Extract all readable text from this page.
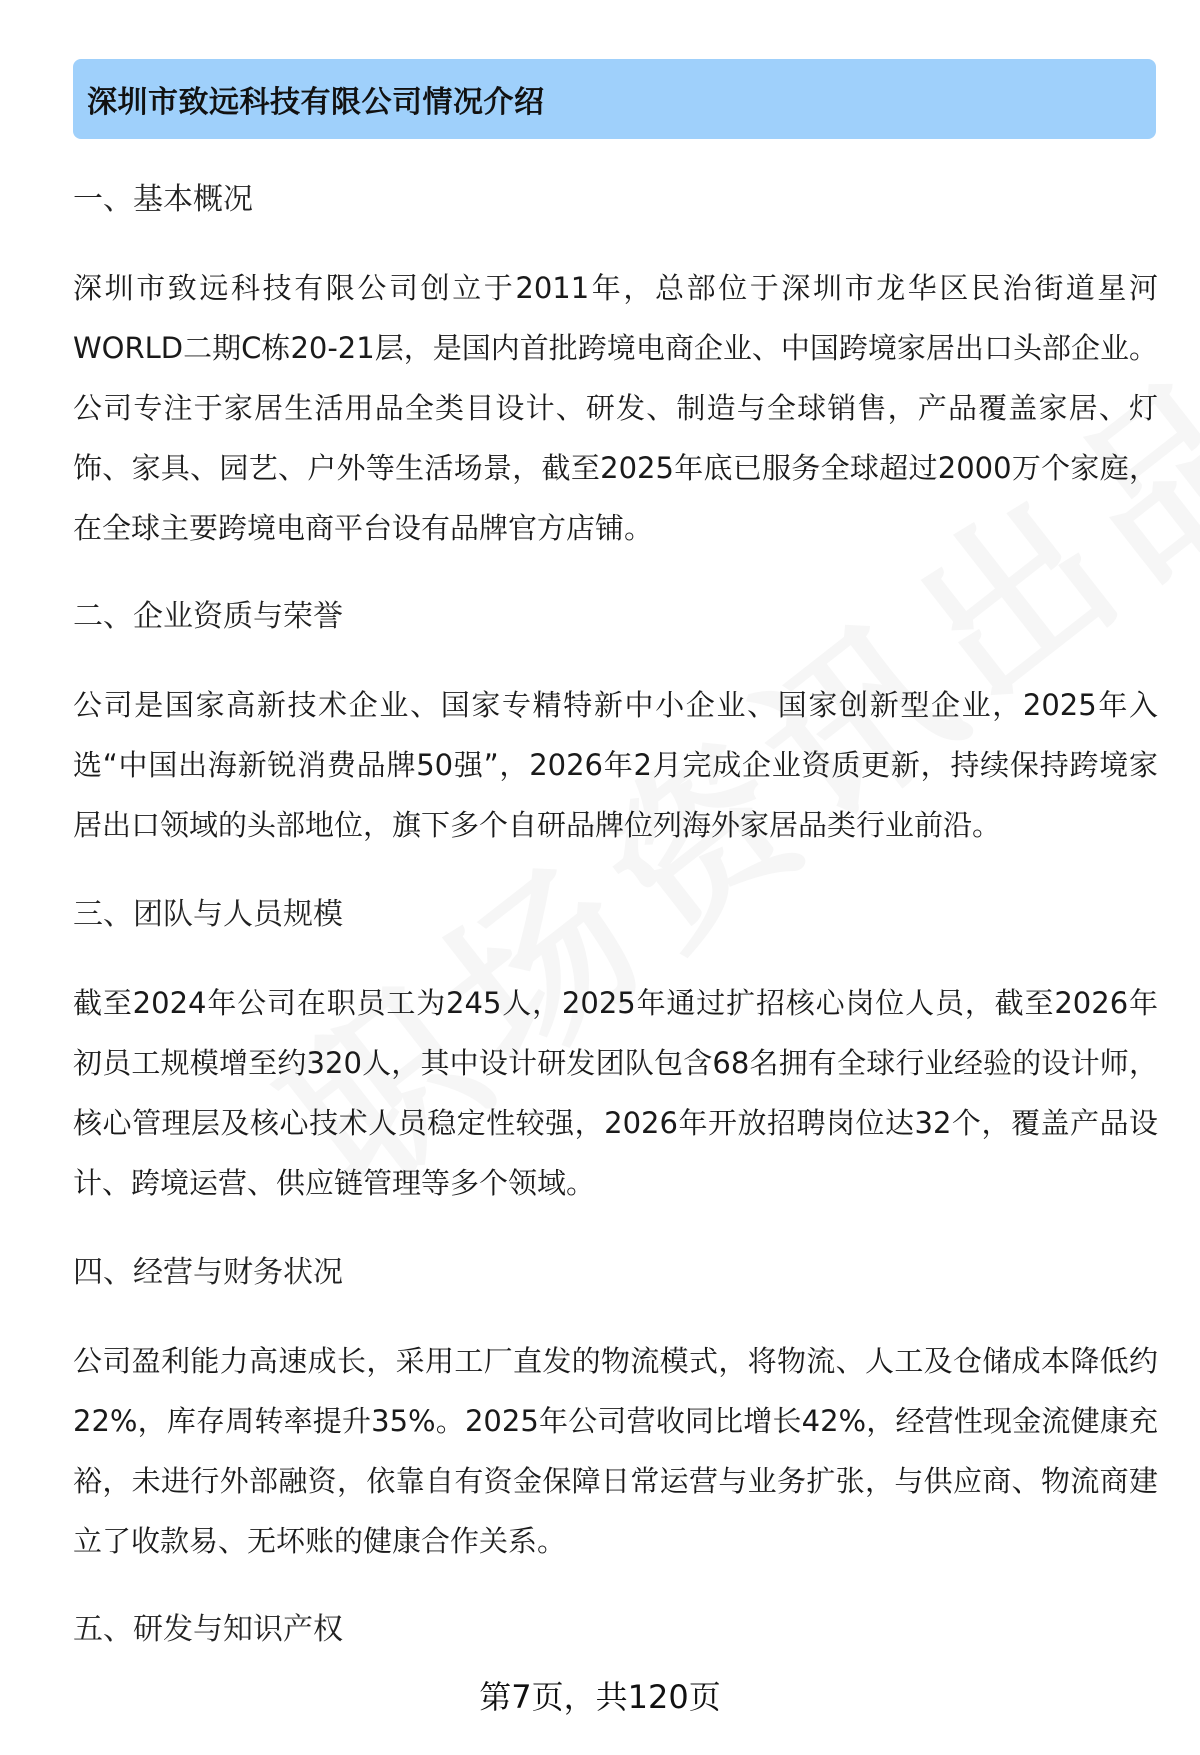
深圳市致远科技有限公司情况介绍
一、基本概况
深圳市致远科技有限公司创立于2011年，总部位于深圳市龙华区民治街道星河WORLD二期C栋20-21层，是国内首批跨境电商企业、中国跨境家居出口头部企业。公司专注于家居生活用品全类目设计、研发、制造与全球销售，产品覆盖家居、灯饰、家具、园艺、户外等生活场景，截至2025年底已服务全球超过2000万个家庭，在全球主要跨境电商平台设有品牌官方店铺。
二、企业资质与荣誉
公司是国家高新技术企业、国家专精特新中小企业、国家创新型企业，2025年入选“中国出海新锐消费品牌50强”，2026年2月完成企业资质更新，持续保持跨境家居出口领域的头部地位，旗下多个自研品牌位列海外家居品类行业前沿。
三、团队与人员规模
截至2024年公司在职员工为245人，2025年通过扩招核心岗位人员，截至2026年初员工规模增至约320人，其中设计研发团队包含68名拥有全球行业经验的设计师，核心管理层及核心技术人员稳定性较强，2026年开放招聘岗位达32个，覆盖产品设计、跨境运营、供应链管理等多个领域。
四、经营与财务状况
公司盈利能力高速成长，采用工厂直发的物流模式，将物流、人工及仓储成本降低约22%，库存周转率提升35%。2025年公司营收同比增长42%，经营性现金流健康充裕，未进行外部融资，依靠自有资金保障日常运营与业务扩张，与供应商、物流商建立了收款易、无坏账的健康合作关系。
五、研发与知识产权
第7页，共120页
